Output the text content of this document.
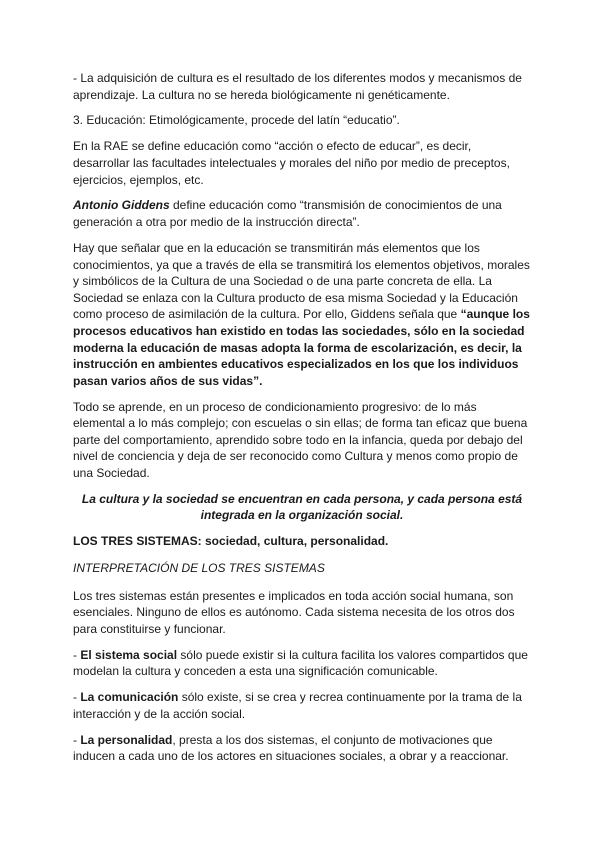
- La adquisición de cultura es el resultado de los diferentes modos y mecanismos de aprendizaje. La cultura no se hereda biológicamente ni genéticamente.

3. Educación: Etimológicamente, procede del latín “educatio”.

En la RAE se define educación como “acción o efecto de educar”, es decir, desarrollar las facultades intelectuales y morales del niño por medio de preceptos, ejercicios, ejemplos, etc.

Antonio Giddens define educación como “transmisión de conocimientos de una generación a otra por medio de la instrucción directa”.

Hay que señalar que en la educación se transmitirán más elementos que los conocimientos, ya que a través de ella se transmitirá los elementos objetivos, morales y simbólicos de la Cultura de una Sociedad o de una parte concreta de ella. La Sociedad se enlaza con la Cultura producto de esa misma Sociedad y la Educación como proceso de asimilación de la cultura. Por ello, Giddens señala que “aunque los procesos educativos han existido en todas las sociedades, sólo en la sociedad moderna la educación de masas adopta la forma de escolarización, es decir, la instrucción en ambientes educativos especializados en los que los individuos pasan varios años de sus vidas”.

Todo se aprende, en un proceso de condicionamiento progresivo: de lo más elemental a lo más complejo; con escuelas o sin ellas; de forma tan eficaz que buena parte del comportamiento, aprendido sobre todo en la infancia, queda por debajo del nivel de conciencia y deja de ser reconocido como Cultura y menos como propio de una Sociedad.

La cultura y la sociedad se encuentran en cada persona, y cada persona está integrada en la organización social.

LOS TRES SISTEMAS: sociedad, cultura, personalidad.

INTERPRETACIÓN DE LOS TRES SISTEMAS

Los tres sistemas están presentes e implicados en toda acción social humana, son esenciales. Ninguno de ellos es autónomo. Cada sistema necesita de los otros dos para constituirse y funcionar.

- El sistema social sólo puede existir si la cultura facilita los valores compartidos que modelan la cultura y conceden a esta una significación comunicable.

- La comunicación sólo existe, si se crea y recrea continuamente por la trama de la interacción y de la acción social.

- La personalidad, presta a los dos sistemas, el conjunto de motivaciones que inducen a cada uno de los actores en situaciones sociales, a obrar y a reaccionar.
